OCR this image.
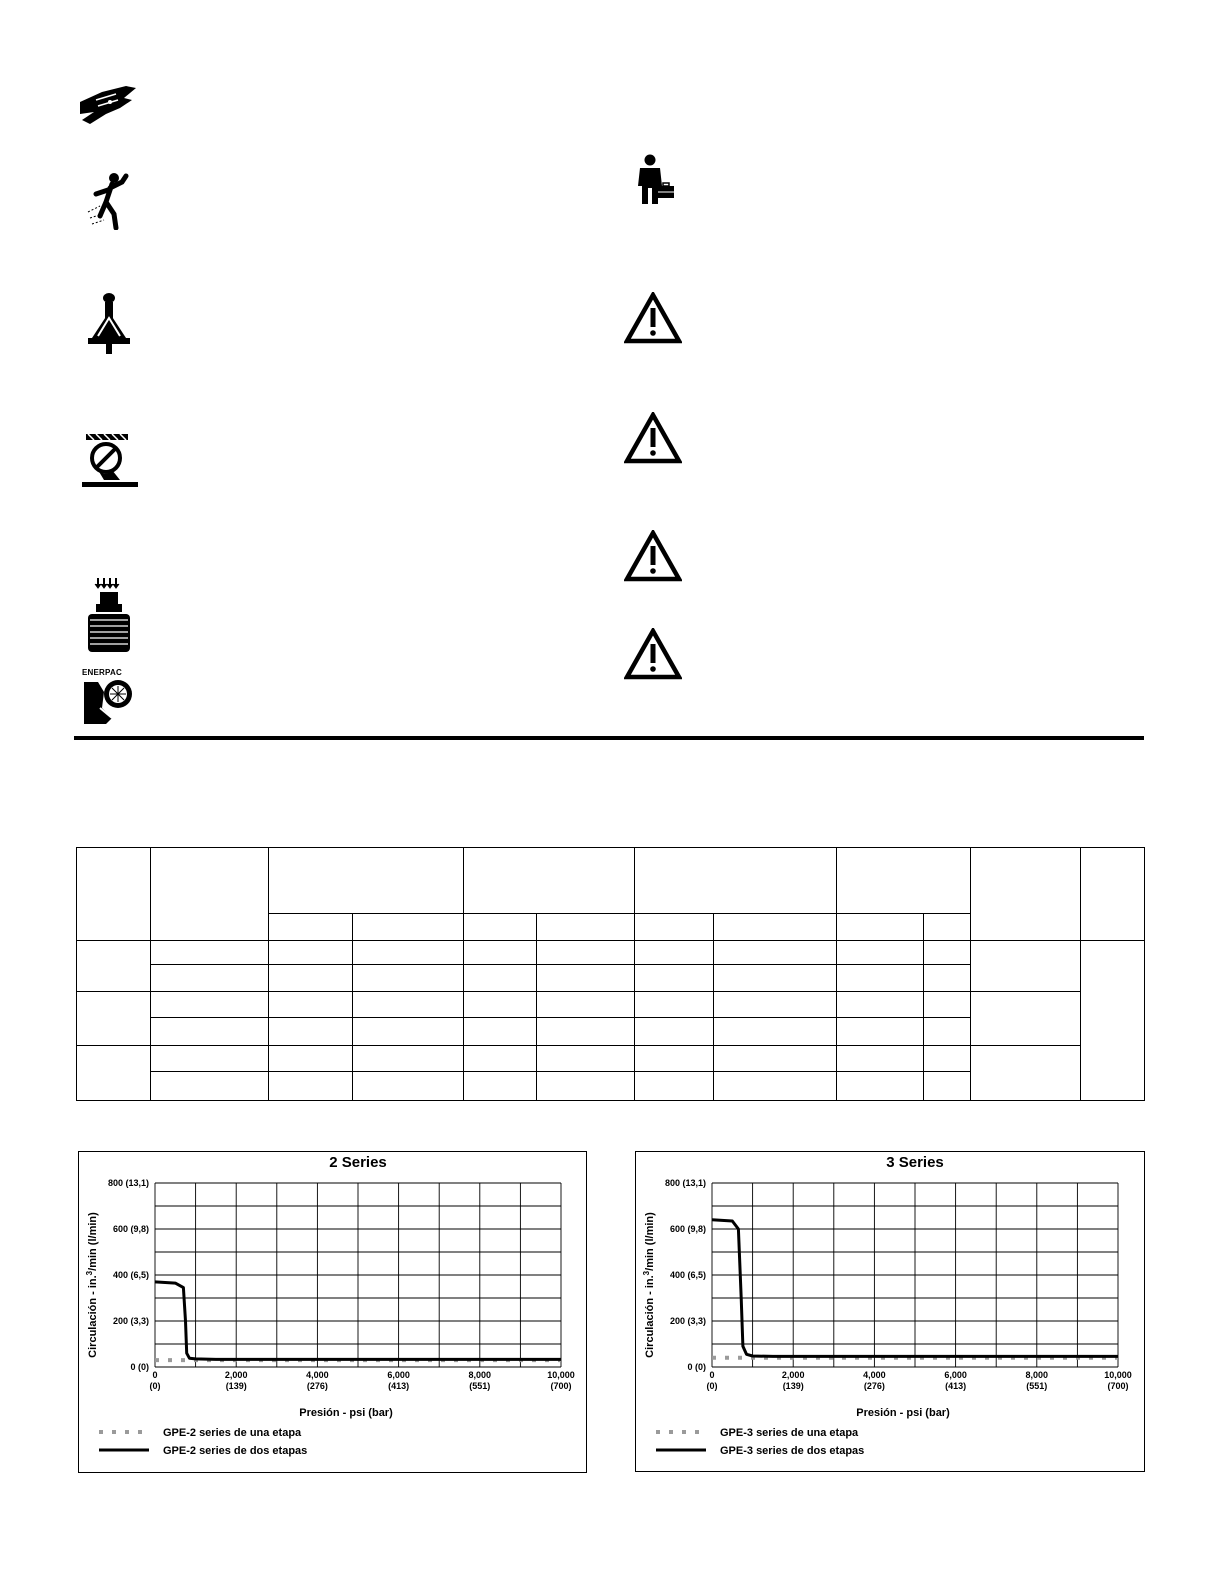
ENERPAC

2 Series
0 (0)
200 (3,3)
400 (6,5)
600 (9,8)
800 (13,1)
0
(0)
2,000
(139)
4,000
(276)
6,000
(413)
8,000
(551)
10,000
(700)
Presión - psi (bar)
Circulación - in.$^3$/min (l/min)
GPE-2 series de una etapa
GPE-2 series de dos etapas
3 Series
0 (0)
200 (3,3)
400 (6,5)
600 (9,8)
800 (13,1)
0
(0)
2,000
(139)
4,000
(276)
6,000
(413)
8,000
(551)
10,000
(700)
Presión - psi (bar)
Circulación - in.$^3$/min (l/min)
GPE-3 series de una etapa
GPE-3 series de dos etapas
